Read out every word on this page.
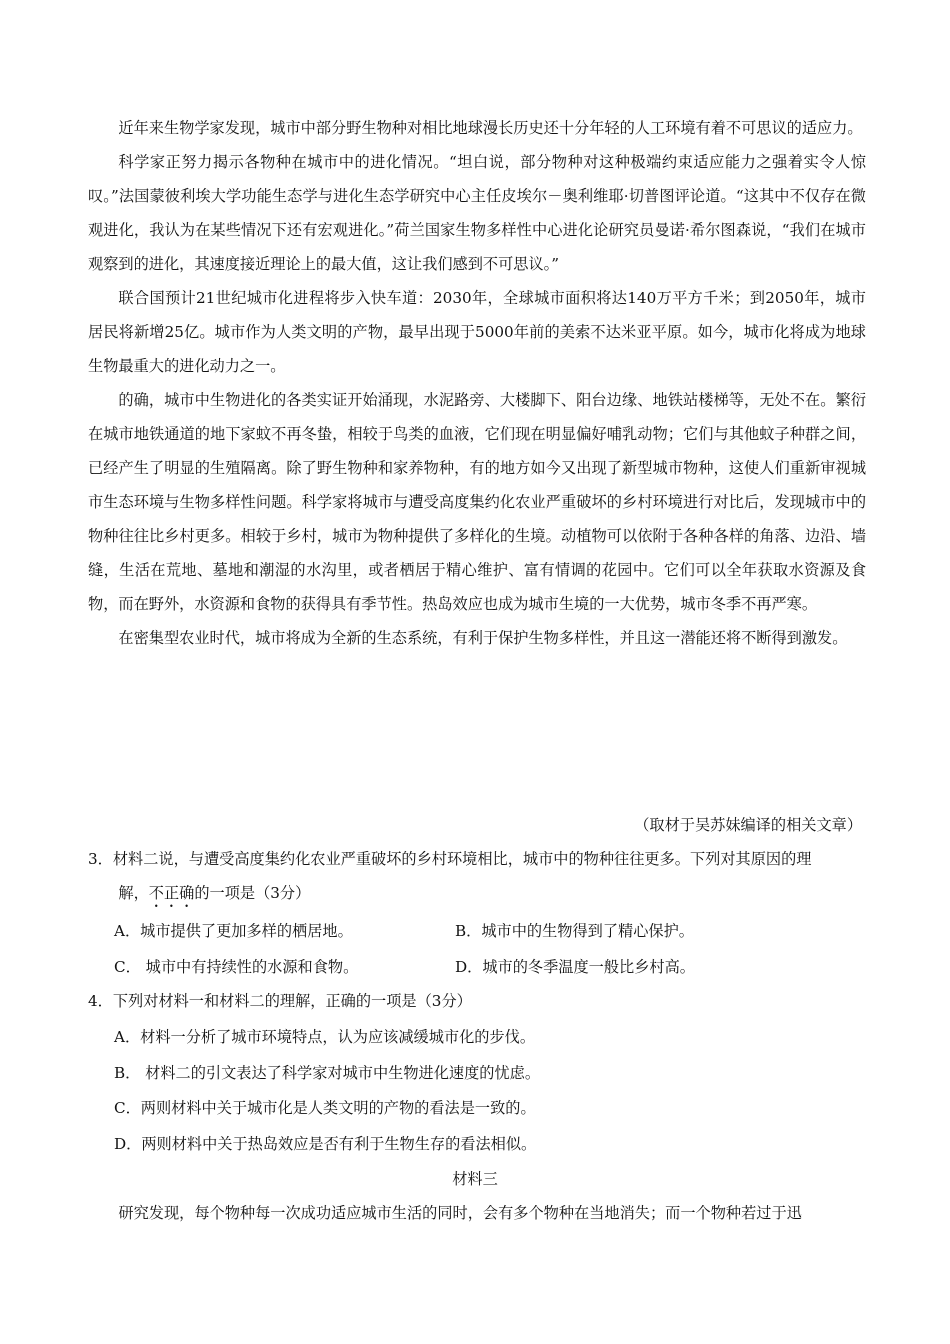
近年来生物学家发现，城市中部分野生物种对相比地球漫长历史还十分年轻的人工环境有着不可思议的适应力。

科学家正努力揭示各物种在城市中的进化情况。“坦白说，部分物种对这种极端约束适应能力之强着实令人惊叹。”法国蒙彼利埃大学功能生态学与进化生态学研究中心主任皮埃尔－奥利维耶·切普图评论道。“这其中不仅存在微观进化，我认为在某些情况下还有宏观进化。”荷兰国家生物多样性中心进化论研究员曼诺·希尔图森说，“我们在城市观察到的进化，其速度接近理论上的最大值，这让我们感到不可思议。”

联合国预计21世纪城市化进程将步入快车道：2030年，全球城市面积将达140万平方千米；到2050年，城市居民将新增25亿。城市作为人类文明的产物，最早出现于5000年前的美索不达米亚平原。如今，城市化将成为地球生物最重大的进化动力之一。

的确，城市中生物进化的各类实证开始涌现，水泥路旁、大楼脚下、阳台边缘、地铁站楼梯等，无处不在。繁衍在城市地铁通道的地下家蚊不再冬蛰，相较于鸟类的血液，它们现在明显偏好哺乳动物；它们与其他蚊子种群之间，已经产生了明显的生殖隔离。除了野生物种和家养物种，有的地方如今又出现了新型城市物种，这使人们重新审视城市生态环境与生物多样性问题。科学家将城市与遭受高度集约化农业严重破坏的乡村环境进行对比后，发现城市中的物种往往比乡村更多。相较于乡村，城市为物种提供了多样化的生境。动植物可以依附于各种各样的角落、边沿、墙缝，生活在荒地、墓地和潮湿的水沟里，或者栖居于精心维护、富有情调的花园中。它们可以全年获取水资源及食物，而在野外，水资源和食物的获得具有季节性。热岛效应也成为城市生境的一大优势，城市冬季不再严寒。

在密集型农业时代，城市将成为全新的生态系统，有利于保护生物多样性，并且这一潜能还将不断得到激发。

（取材于吴苏妹编译的相关文章）
3．材料二说，与遭受高度集约化农业严重破坏的乡村环境相比，城市中的物种往往更多。下列对其原因的理
解，不正确的一项是（3分）
A．城市提供了更加多样的栖居地。	B．城市中的生物得到了精心保护。
C． 城市中有持续性的水源和食物。	D．城市的冬季温度一般比乡村高。
4．下列对材料一和材料二的理解，正确的一项是（3分）
A．材料一分析了城市环境特点，认为应该减缓城市化的步伐。
B． 材料二的引文表达了科学家对城市中生物进化速度的忧虑。
C．两则材料中关于城市化是人类文明的产物的看法是一致的。
D．两则材料中关于热岛效应是否有利于生物生存的看法相似。
材料三
研究发现，每个物种每一次成功适应城市生活的同时，会有多个物种在当地消失；而一个物种若过于迅
